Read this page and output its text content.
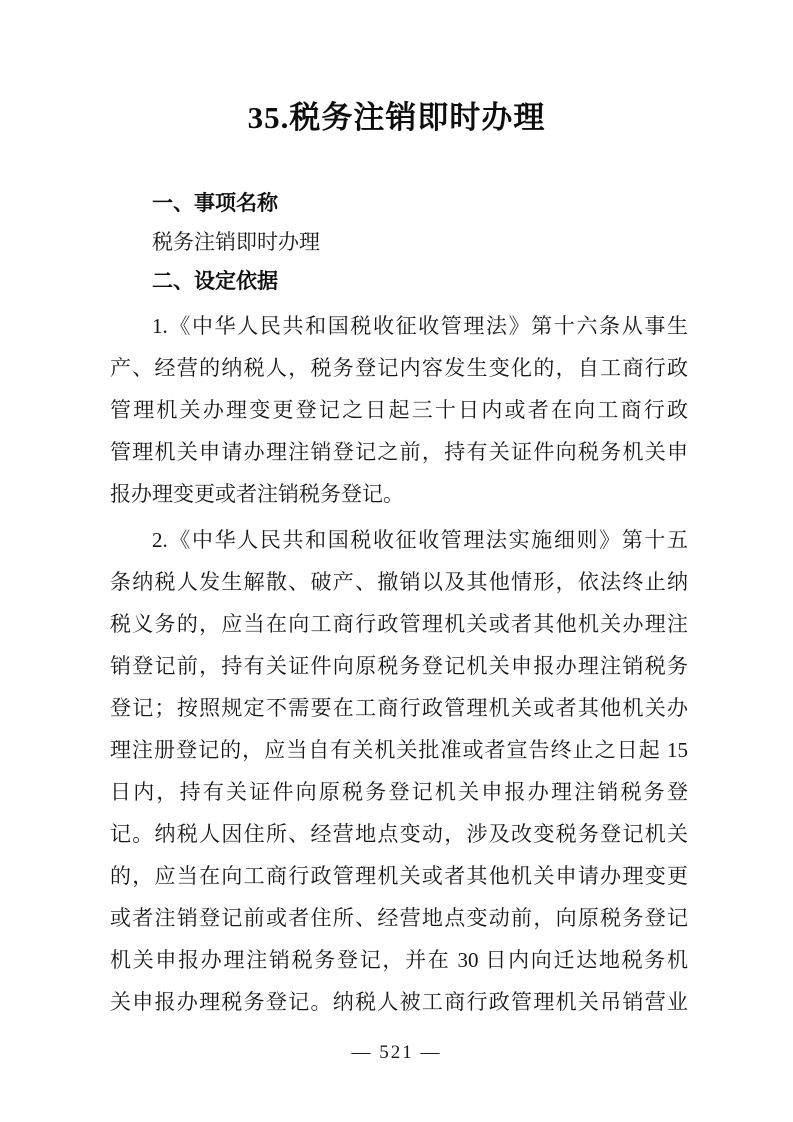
35.税务注销即时办理
一、事项名称
税务注销即时办理
二、设定依据
1.《中华人民共和国税收征收管理法》第十六条从事生
产、经营的纳税人，税务登记内容发生变化的，自工商行政
管理机关办理变更登记之日起三十日内或者在向工商行政
管理机关申请办理注销登记之前，持有关证件向税务机关申
报办理变更或者注销税务登记。
2.《中华人民共和国税收征收管理法实施细则》第十五
条纳税人发生解散、破产、撤销以及其他情形，依法终止纳
税义务的，应当在向工商行政管理机关或者其他机关办理注
销登记前，持有关证件向原税务登记机关申报办理注销税务
登记；按照规定不需要在工商行政管理机关或者其他机关办
理注册登记的，应当自有关机关批准或者宣告终止之日起 15
日内，持有关证件向原税务登记机关申报办理注销税务登
记。纳税人因住所、经营地点变动，涉及改变税务登记机关
的，应当在向工商行政管理机关或者其他机关申请办理变更
或者注销登记前或者住所、经营地点变动前，向原税务登记
机关申报办理注销税务登记，并在 30 日内向迁达地税务机
关申报办理税务登记。纳税人被工商行政管理机关吊销营业
— 521 —
